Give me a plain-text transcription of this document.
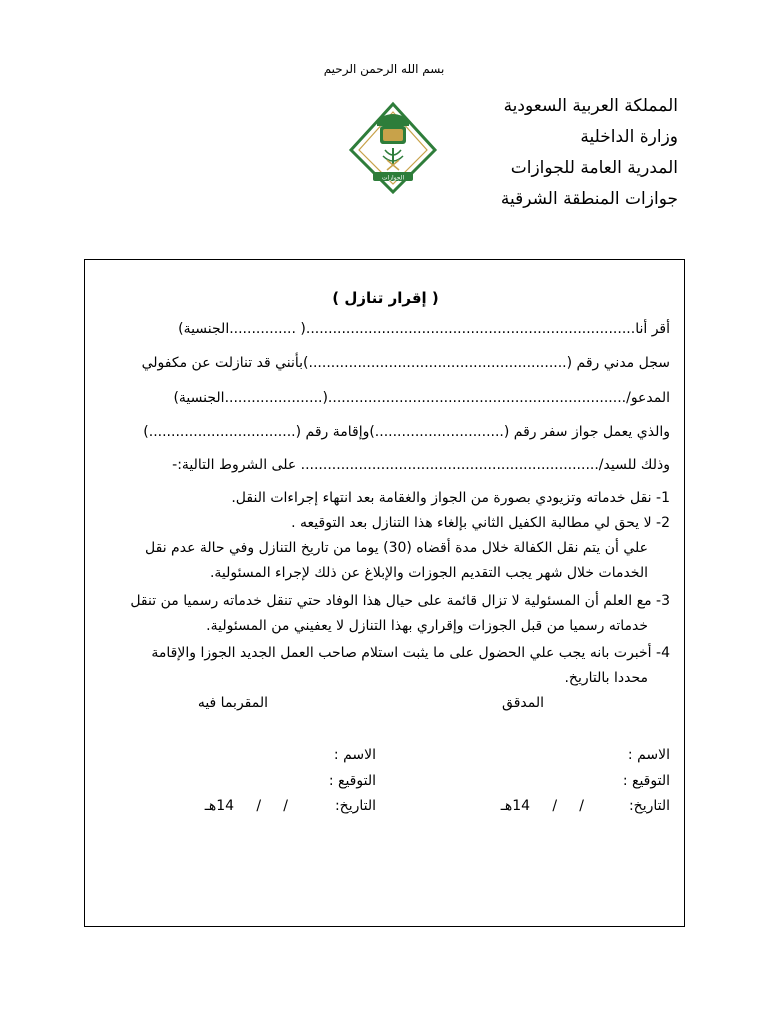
بسم الله الرحمن الرحيم
المملكة العربية السعودية
وزارة الداخلية
المدرية العامة للجوازات
جوازات المنطقة الشرقية
الجوازات
( إقرار تنازل )
أقر أنا..........................................................................( ...............الجنسية)
سجل مدني رقم (..........................................................)بأنني قد تنازلت عن مكفولي
المدعو/...................................................................(......................الجنسية)
والذي يعمل جواز سفر رقم (.............................)وإقامة رقم (.................................)
وذلك للسيد/................................................................... على الشروط التالية:-
1- نقل خدماته وتزيودي بصورة من الجواز والغقامة بعد انتهاء إجراءات النقل.
2- لا يحق لي مطالبة الكفيل الثاني بإلغاء هذا التنازل بعد التوقيعه .
علي أن يتم نقل الكفالة خلال مدة أقضاه (30) يوما من تاريخ التنازل وفي حالة عدم نقل
الخدمات خلال شهر يجب التقديم الجوزات والإبلاغ عن ذلك لإجراء المسئولية.
3- مع العلم أن المسئولية لا تزال قائمة على حيال هذا الوفاد حتي تنقل خدماته رسميا من تنقل
خدماته رسميا من قبل الجوزات وإقراري بهذا التنازل لا يعفيني من المسئولية.
4- أخبرت بانه يجب علي الحضول على ما يثبت استلام صاحب العمل الجديد الجوزا والإقامة
محددا بالتاريخ.
المدقق
المقربما فيه
الاسم :
الاسم :
التوقيع :
التوقيع :
التاريخ:
/     /     14هـ
التاريخ:
/     /     14هـ
